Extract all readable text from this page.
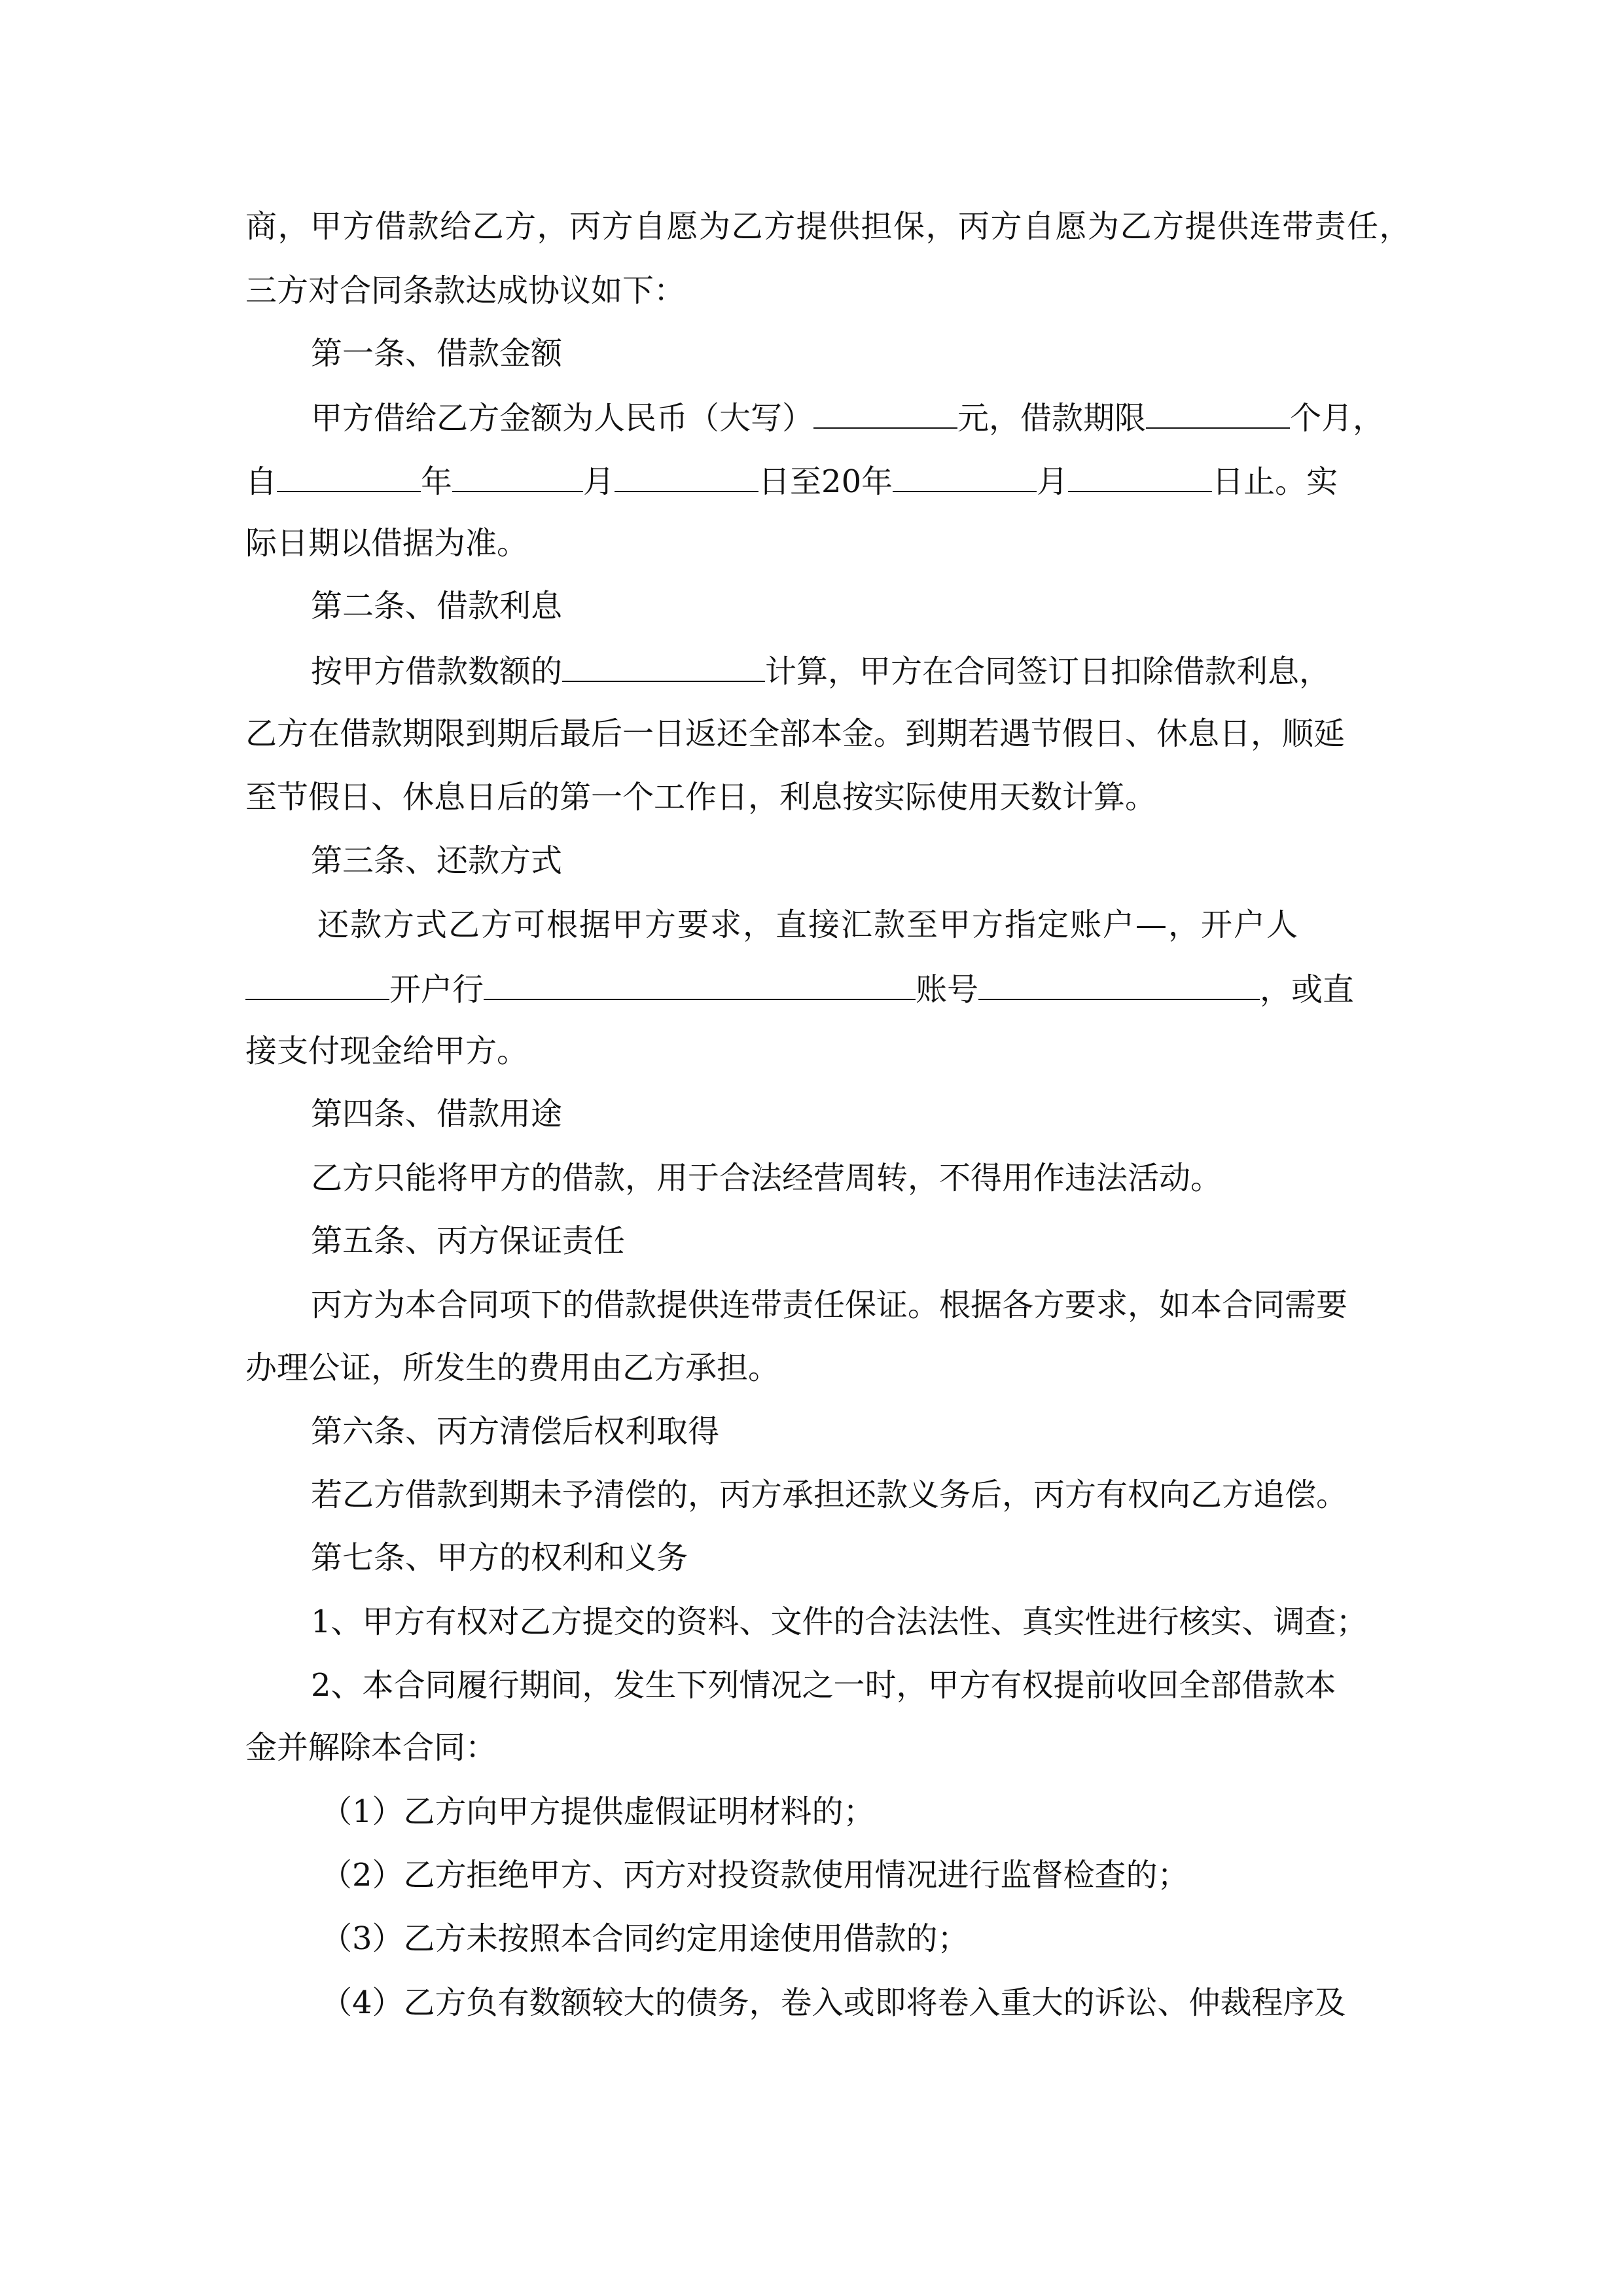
商，甲方借款给乙方，丙方自愿为乙方提供担保，丙方自愿为乙方提供连带责任，
三方对合同条款达成协议如下：
第一条、借款金额
甲方借给乙方金额为人民币（大写）	元，借款期限	个月，
自	年	月	日至20年	月	日止。实
际日期以借据为准。
第二条、借款利息
按甲方借款数额的	计算，甲方在合同签订日扣除借款利息，
乙方在借款期限到期后最后一日返还全部本金。到期若遇节假日、休息日，顺延
至节假日、休息日后的第一个工作日，利息按实际使用天数计算。
第三条、还款方式
还款方式乙方可根据甲方要求，直接汇款至甲方指定账户—，开户人
开户行	账号	，或直
接支付现金给甲方。
第四条、借款用途
乙方只能将甲方的借款，用于合法经营周转，不得用作违法活动。
第五条、丙方保证责任
丙方为本合同项下的借款提供连带责任保证。根据各方要求，如本合同需要
办理公证，所发生的费用由乙方承担。
第六条、丙方清偿后权利取得
若乙方借款到期未予清偿的，丙方承担还款义务后，丙方有权向乙方追偿。
第七条、甲方的权利和义务
1、甲方有权对乙方提交的资料、文件的合法法性、真实性进行核实、调查；
2、本合同履行期间，发生下列情况之一时，甲方有权提前收回全部借款本
金并解除本合同：
（1）乙方向甲方提供虚假证明材料的；
（2）乙方拒绝甲方、丙方对投资款使用情况进行监督检查的；
（3）乙方未按照本合同约定用途使用借款的；
（4）乙方负有数额较大的债务，卷入或即将卷入重大的诉讼、仲裁程序及
